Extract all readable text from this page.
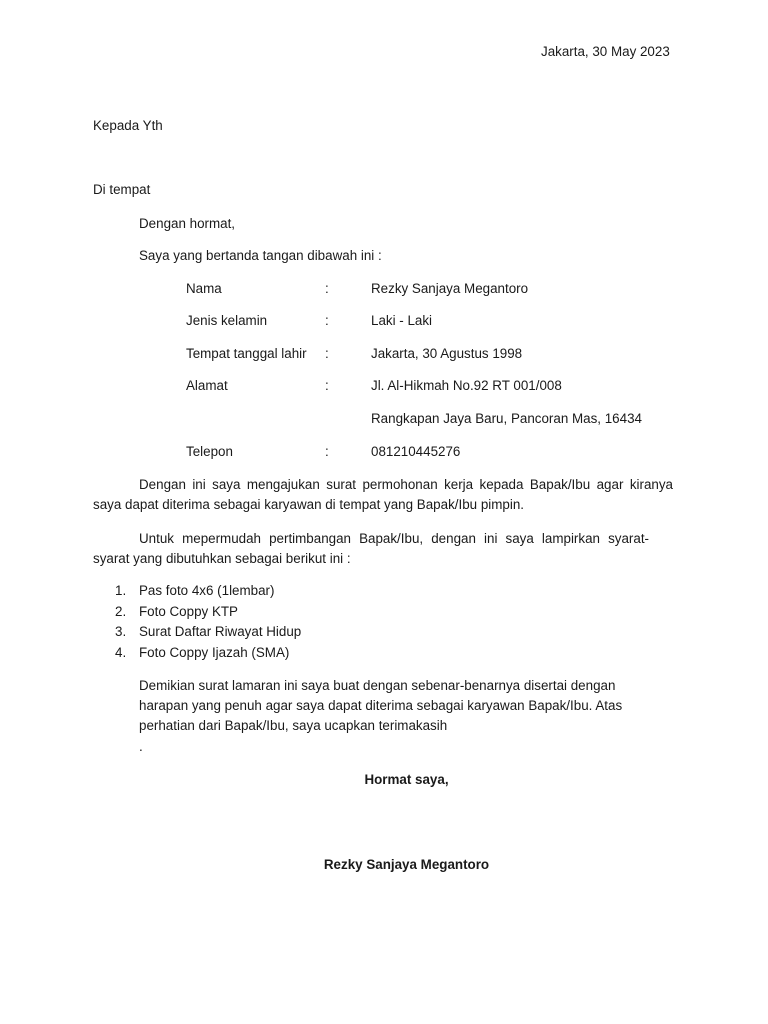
Jakarta, 30 May 2023
Kepada Yth
Di tempat
Dengan hormat,
Saya yang bertanda tangan dibawah ini :
Nama	:	Rezky Sanjaya Megantoro
Jenis kelamin	:	Laki - Laki
Tempat tanggal lahir :	Jakarta, 30 Agustus 1998
Alamat	:	Jl. Al-Hikmah No.92 RT 001/008
Rangkapan Jaya Baru, Pancoran Mas, 16434
Telepon	:	081210445276
Dengan ini saya mengajukan surat permohonan kerja kepada Bapak/Ibu agar kiranya saya dapat diterima sebagai karyawan di tempat yang Bapak/Ibu pimpin.
Untuk mepermudah pertimbangan Bapak/Ibu, dengan ini saya lampirkan syarat-syarat yang dibutuhkan sebagai berikut ini :
1. Pas foto 4x6 (1lembar)
2. Foto Coppy KTP
3. Surat Daftar Riwayat Hidup
4. Foto Coppy Ijazah (SMA)
Demikian surat lamaran ini saya buat dengan sebenar-benarnya disertai dengan harapan yang penuh agar saya dapat diterima sebagai karyawan Bapak/Ibu. Atas perhatian dari Bapak/Ibu, saya ucapkan terimakasih
.
Hormat saya,
Rezky Sanjaya Megantoro
